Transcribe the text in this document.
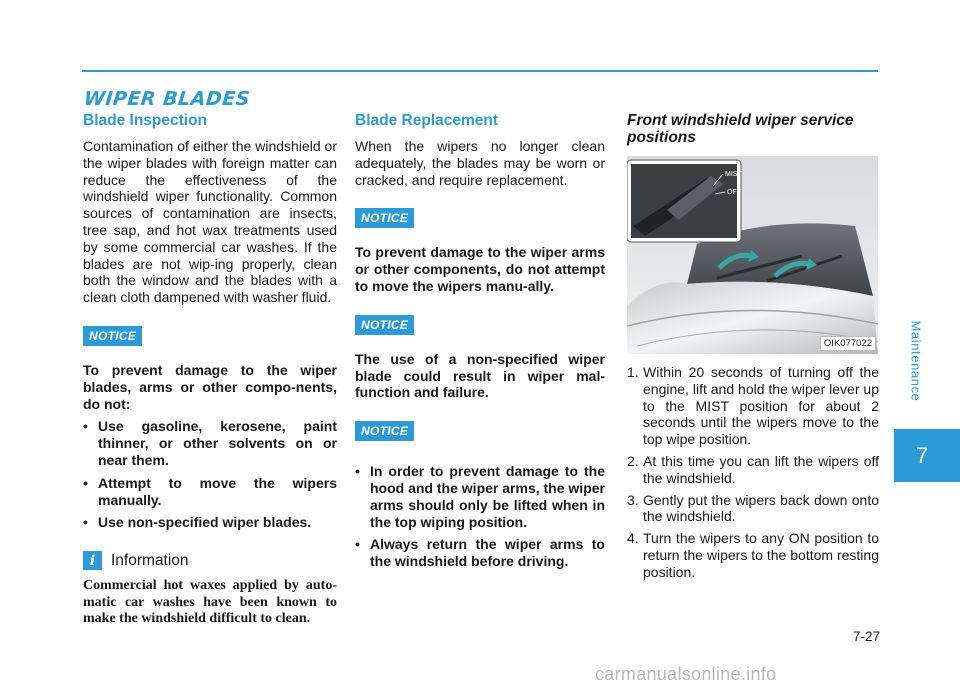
WIPER BLADES
Blade Inspection

Contamination of either the windshield or the wiper blades with foreign matter can reduce the effectiveness of the windshield wiper functionality. Common sources of contamination are insects, tree sap, and hot wax treatments used by some commercial car washes. If the blades are not wip-ing properly, clean both the window and the blades with a clean cloth dampened with washer fluid.

NOTICE

To prevent damage to the wiper blades, arms or other compo-nents, do not:

• Use gasoline, kerosene, paint thinner, or other solvents on or near them.
• Attempt to move the wipers manually.
• Use non-specified wiper blades.
i	Information

Commercial hot waxes applied by auto-matic car washes have been known to make the windshield difficult to clean.

Blade Replacement

When the wipers no longer clean adequately, the blades may be worn or cracked, and require replacement.

NOTICE

To prevent damage to the wiper arms or other components, do not attempt to move the wipers manu-ally.

NOTICE

The use of a non-specified wiper blade could result in wiper mal-function and failure.

NOTICE
• In order to prevent damage to the hood and the wiper arms, the wiper arms should only be lifted when in the top wiping position.
• Always return the wiper arms to the windshield before driving.
Front windshield wiper service positions
MIST
OFF
OIK077022
1. Within 20 seconds of turning off the engine, lift and hold the wiper lever up to the MIST position for about 2 seconds until the wipers move to the top wipe position.
2. At this time you can lift the wipers off the windshield.
3. Gently put the wipers back down onto the windshield.
4. Turn the wipers to any ON position to return the wipers to the bottom resting position.
Maintenance
7
7-27
carmanualsonline.info
